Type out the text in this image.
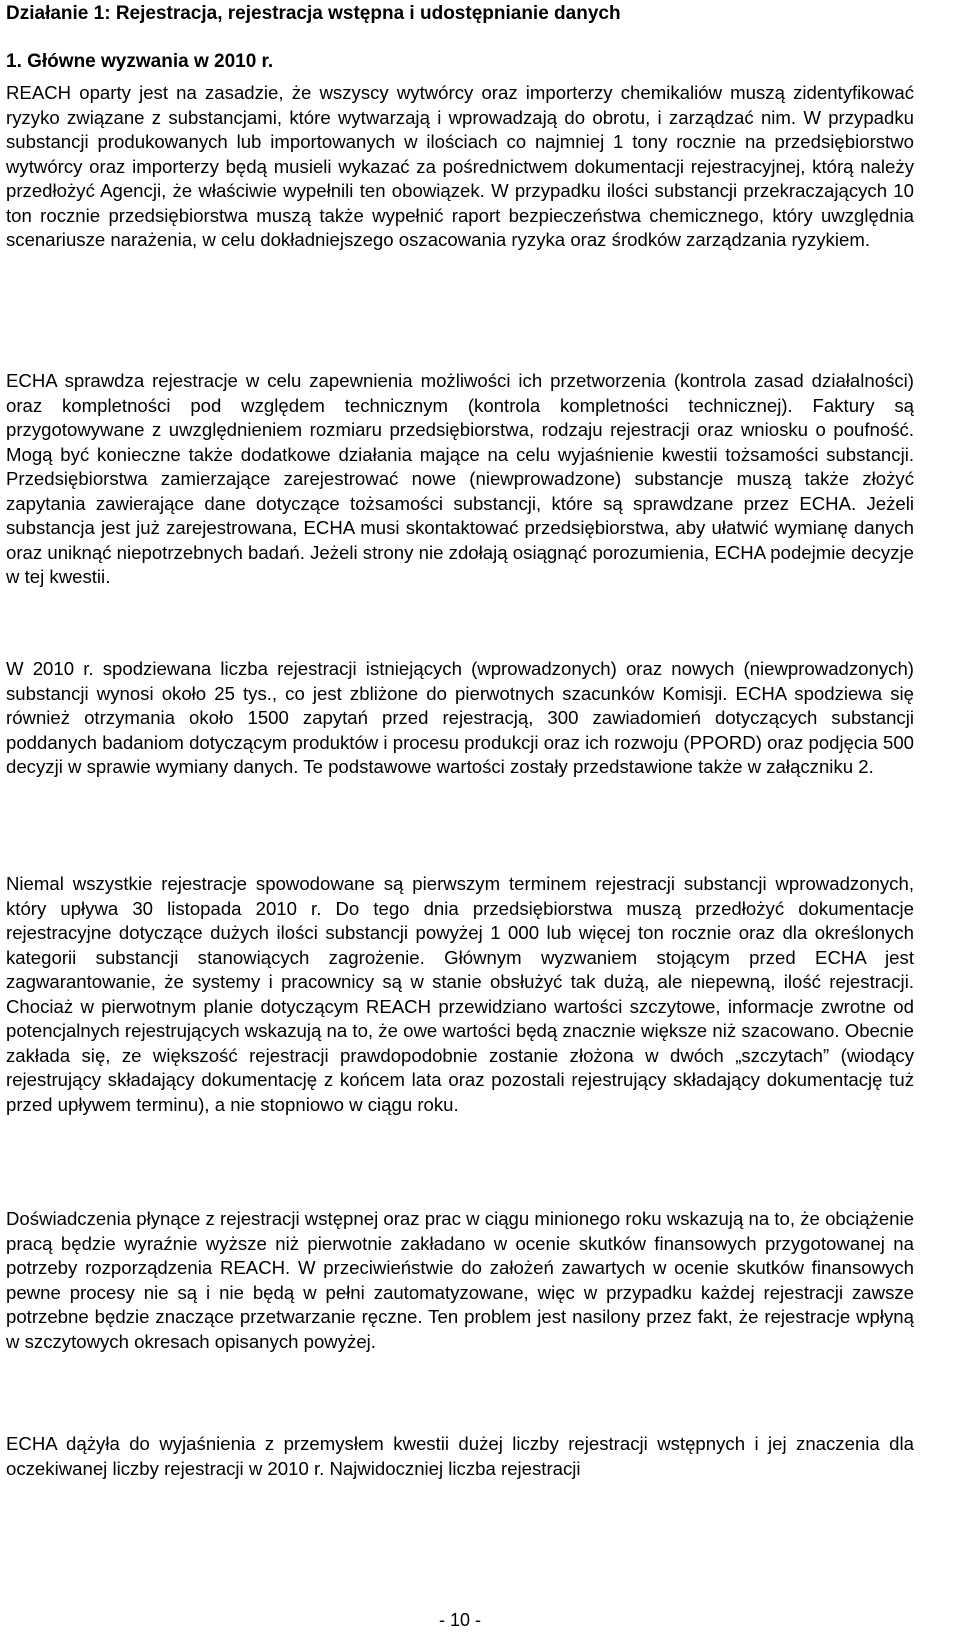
Działanie 1: Rejestracja, rejestracja wstępna i udostępnianie danych
1. Główne wyzwania w 2010 r.

REACH oparty jest na zasadzie, że wszyscy wytwórcy oraz importerzy chemikaliów muszą zidentyfikować ryzyko związane z substancjami, które wytwarzają i wprowadzają do obrotu, i zarządzać nim. W przypadku substancji produkowanych lub importowanych w ilościach co najmniej 1 tony rocznie na przedsiębiorstwo wytwórcy oraz importerzy będą musieli wykazać za pośrednictwem dokumentacji rejestracyjnej, którą należy przedłożyć Agencji, że właściwie wypełnili ten obowiązek. W przypadku ilości substancji przekraczających 10 ton rocznie przedsiębiorstwa muszą także wypełnić raport bezpieczeństwa chemicznego, który uwzględnia scenariusze narażenia, w celu dokładniejszego oszacowania ryzyka oraz środków zarządzania ryzykiem.

ECHA sprawdza rejestracje w celu zapewnienia możliwości ich przetworzenia (kontrola zasad działalności) oraz kompletności pod względem technicznym (kontrola kompletności technicznej). Faktury są przygotowywane z uwzględnieniem rozmiaru przedsiębiorstwa, rodzaju rejestracji oraz wniosku o poufność. Mogą być konieczne także dodatkowe działania mające na celu wyjaśnienie kwestii tożsamości substancji. Przedsiębiorstwa zamierzające zarejestrować nowe (niewprowadzone) substancje muszą także złożyć zapytania zawierające dane dotyczące tożsamości substancji, które są sprawdzane przez ECHA. Jeżeli substancja jest już zarejestrowana, ECHA musi skontaktować przedsiębiorstwa, aby ułatwić wymianę danych oraz uniknąć niepotrzebnych badań. Jeżeli strony nie zdołają osiągnąć porozumienia, ECHA podejmie decyzje w tej kwestii.

W 2010 r. spodziewana liczba rejestracji istniejących (wprowadzonych) oraz nowych (niewprowadzonych) substancji wynosi około 25 tys., co jest zbliżone do pierwotnych szacunków Komisji. ECHA spodziewa się również otrzymania około 1500 zapytań przed rejestracją, 300 zawiadomień dotyczących substancji poddanych badaniom dotyczącym produktów i procesu produkcji oraz ich rozwoju (PPORD) oraz podjęcia 500 decyzji w sprawie wymiany danych. Te podstawowe wartości zostały przedstawione także w załączniku 2.

Niemal wszystkie rejestracje spowodowane są pierwszym terminem rejestracji substancji wprowadzonych, który upływa 30 listopada 2010 r. Do tego dnia przedsiębiorstwa muszą przedłożyć dokumentacje rejestracyjne dotyczące dużych ilości substancji powyżej 1 000 lub więcej ton rocznie oraz dla określonych kategorii substancji stanowiących zagrożenie. Głównym wyzwaniem stojącym przed ECHA jest zagwarantowanie, że systemy i pracownicy są w stanie obsłużyć tak dużą, ale niepewną, ilość rejestracji. Chociaż w pierwotnym planie dotyczącym REACH przewidziano wartości szczytowe, informacje zwrotne od potencjalnych rejestrujących wskazują na to, że owe wartości będą znacznie większe niż szacowano. Obecnie zakłada się, ze większość rejestracji prawdopodobnie zostanie złożona w dwóch „szczytach” (wiodący rejestrujący składający dokumentację z końcem lata oraz pozostali rejestrujący składający dokumentację tuż przed upływem terminu), a nie stopniowo w ciągu roku.

Doświadczenia płynące z rejestracji wstępnej oraz prac w ciągu minionego roku wskazują na to, że obciążenie pracą będzie wyraźnie wyższe niż pierwotnie zakładano w ocenie skutków finansowych przygotowanej na potrzeby rozporządzenia REACH. W przeciwieństwie do założeń zawartych w ocenie skutków finansowych pewne procesy nie są i nie będą w pełni zautomatyzowane, więc w przypadku każdej rejestracji zawsze potrzebne będzie znaczące przetwarzanie ręczne. Ten problem jest nasilony przez fakt, że rejestracje wpłyną w szczytowych okresach opisanych powyżej.

ECHA dążyła do wyjaśnienia z przemysłem kwestii dużej liczby rejestracji wstępnych i jej znaczenia dla oczekiwanej liczby rejestracji w 2010 r. Najwidoczniej liczba rejestracji

- 10 -
